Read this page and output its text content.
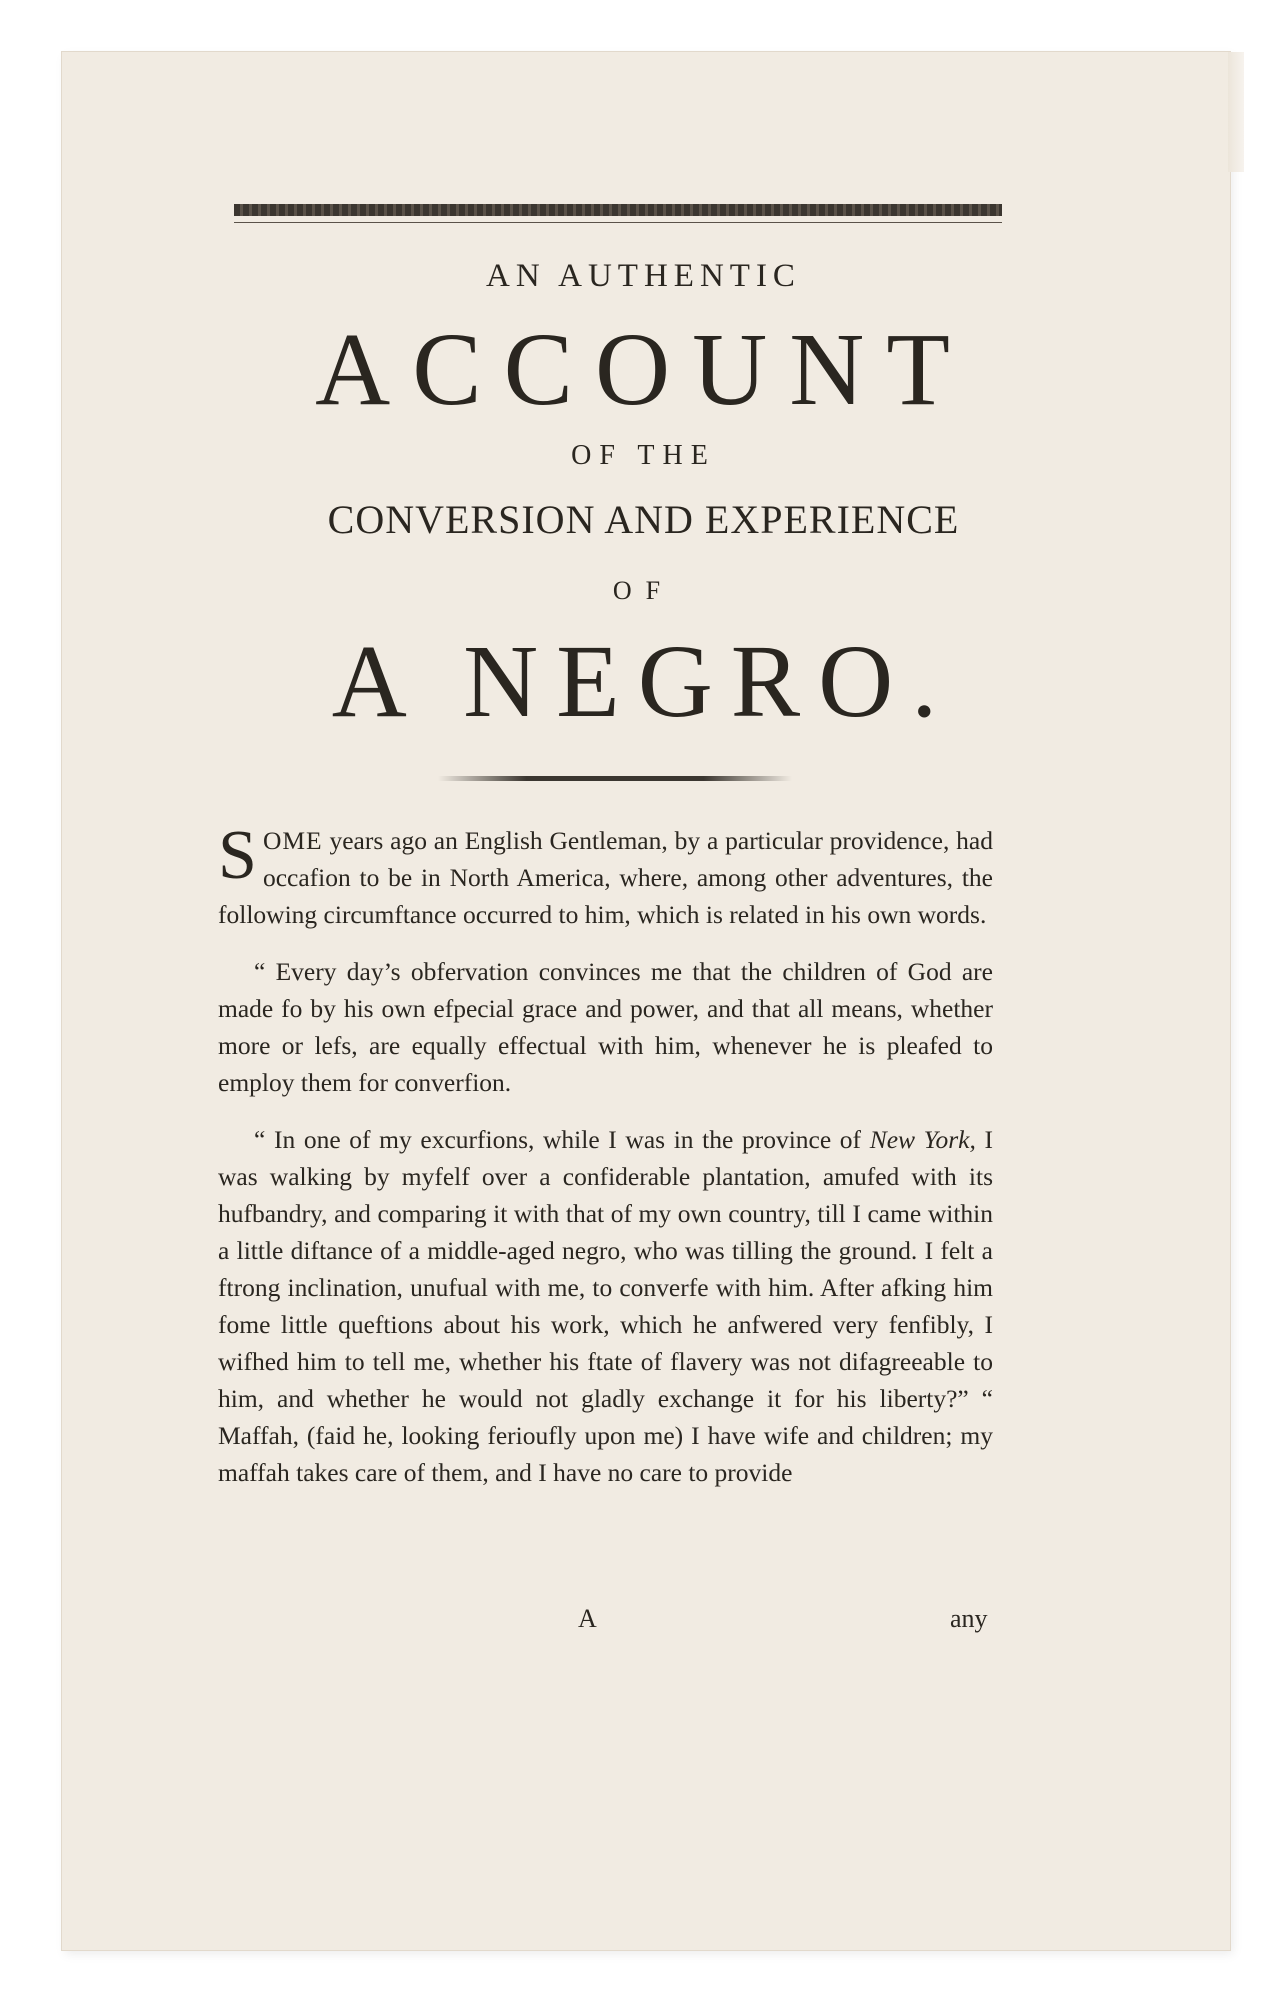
AN AUTHENTIC
ACCOUNT
OF THE
CONVERSION AND EXPERIENCE
OF
A NEGRO.

SOME years ago an English Gentleman, by a particular providence, had occafion to be in North America, where, among other adventures, the following circumftance occurred to him, which is related in his own words.

“ Every day’s obfervation convinces me that the children of God are made fo by his own efpecial grace and power, and that all means, whether more or lefs, are equally effectual with him, whenever he is pleafed to employ them for converfion.

“ In one of my excurfions, while I was in the province of New York, I was walking by myfelf over a confiderable plantation, amufed with its hufbandry, and comparing it with that of my own country, till I came within a little diftance of a middle-aged negro, who was tilling the ground. I felt a ftrong inclination, unufual with me, to converfe with him. After afking him fome little queftions about his work, which he anfwered very fenfibly, I wifhed him to tell me, whether his ftate of flavery was not difagreeable to him, and whether he would not gladly exchange it for his liberty?” “ Maffah, (faid he, looking ferioufly upon me) I have wife and children; my maffah takes care of them, and I have no care to provide

A	any
